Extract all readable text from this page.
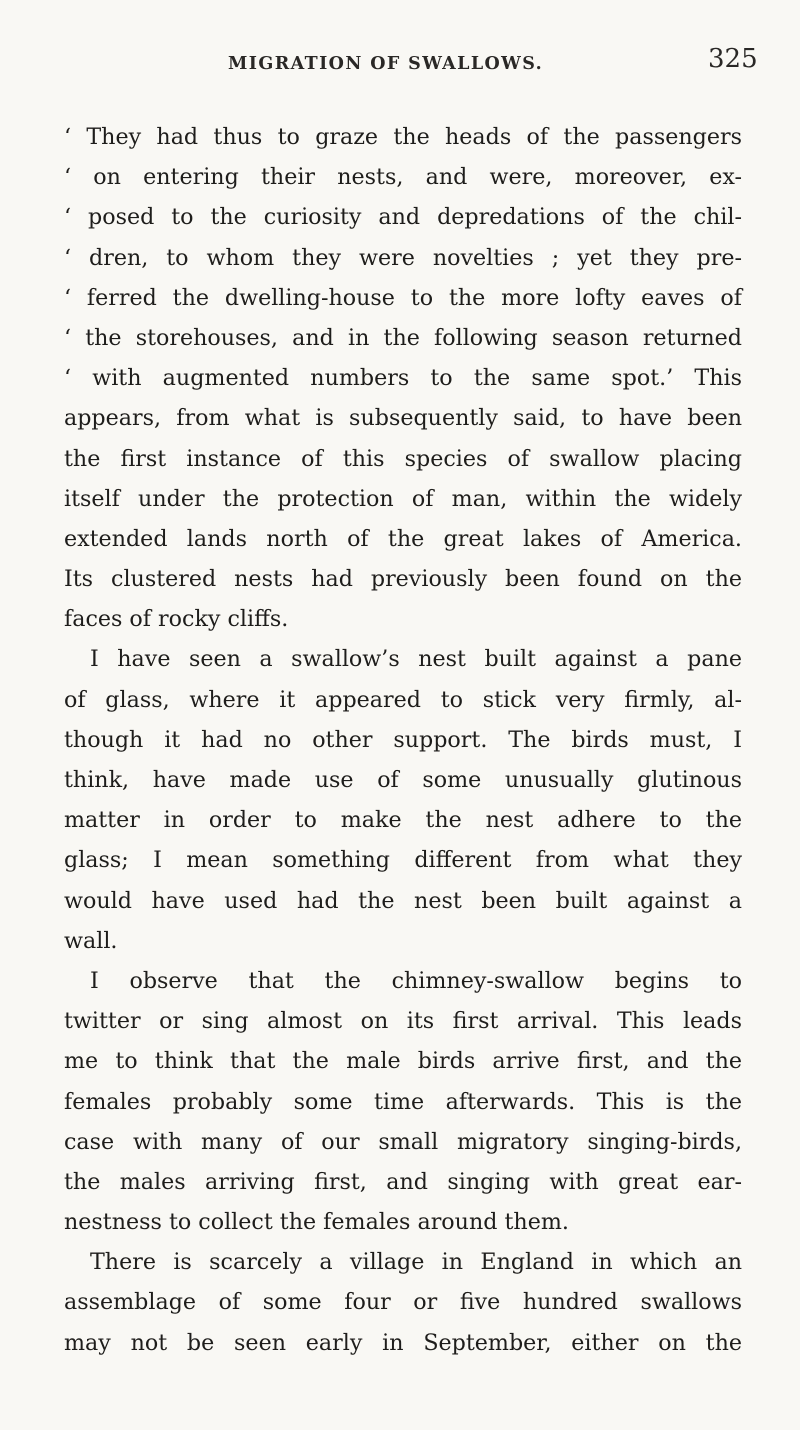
MIGRATION OF SWALLOWS.	325
‘ They had thus to graze the heads of the passengers
‘ on entering their nests, and were, moreover, ex-
‘ posed to the curiosity and depredations of the chil-
‘ dren, to whom they were novelties ; yet they pre-
‘ ferred the dwelling-house to the more lofty eaves of
‘ the storehouses, and in the following season returned
‘ with augmented numbers to the same spot.’ This
appears, from what is subsequently said, to have been
the first instance of this species of swallow placing
itself under the protection of man, within the widely
extended lands north of the great lakes of America.
Its clustered nests had previously been found on the
faces of rocky cliffs.
I have seen a swallow’s nest built against a pane
of glass, where it appeared to stick very firmly, al-
though it had no other support. The birds must, I
think, have made use of some unusually glutinous
matter in order to make the nest adhere to the
glass; I mean something different from what they
would have used had the nest been built against a
wall.
I observe that the chimney-swallow begins to
twitter or sing almost on its first arrival. This leads
me to think that the male birds arrive first, and the
females probably some time afterwards. This is the
case with many of our small migratory singing-birds,
the males arriving first, and singing with great ear-
nestness to collect the females around them.
There is scarcely a village in England in which an
assemblage of some four or five hundred swallows
may not be seen early in September, either on the
